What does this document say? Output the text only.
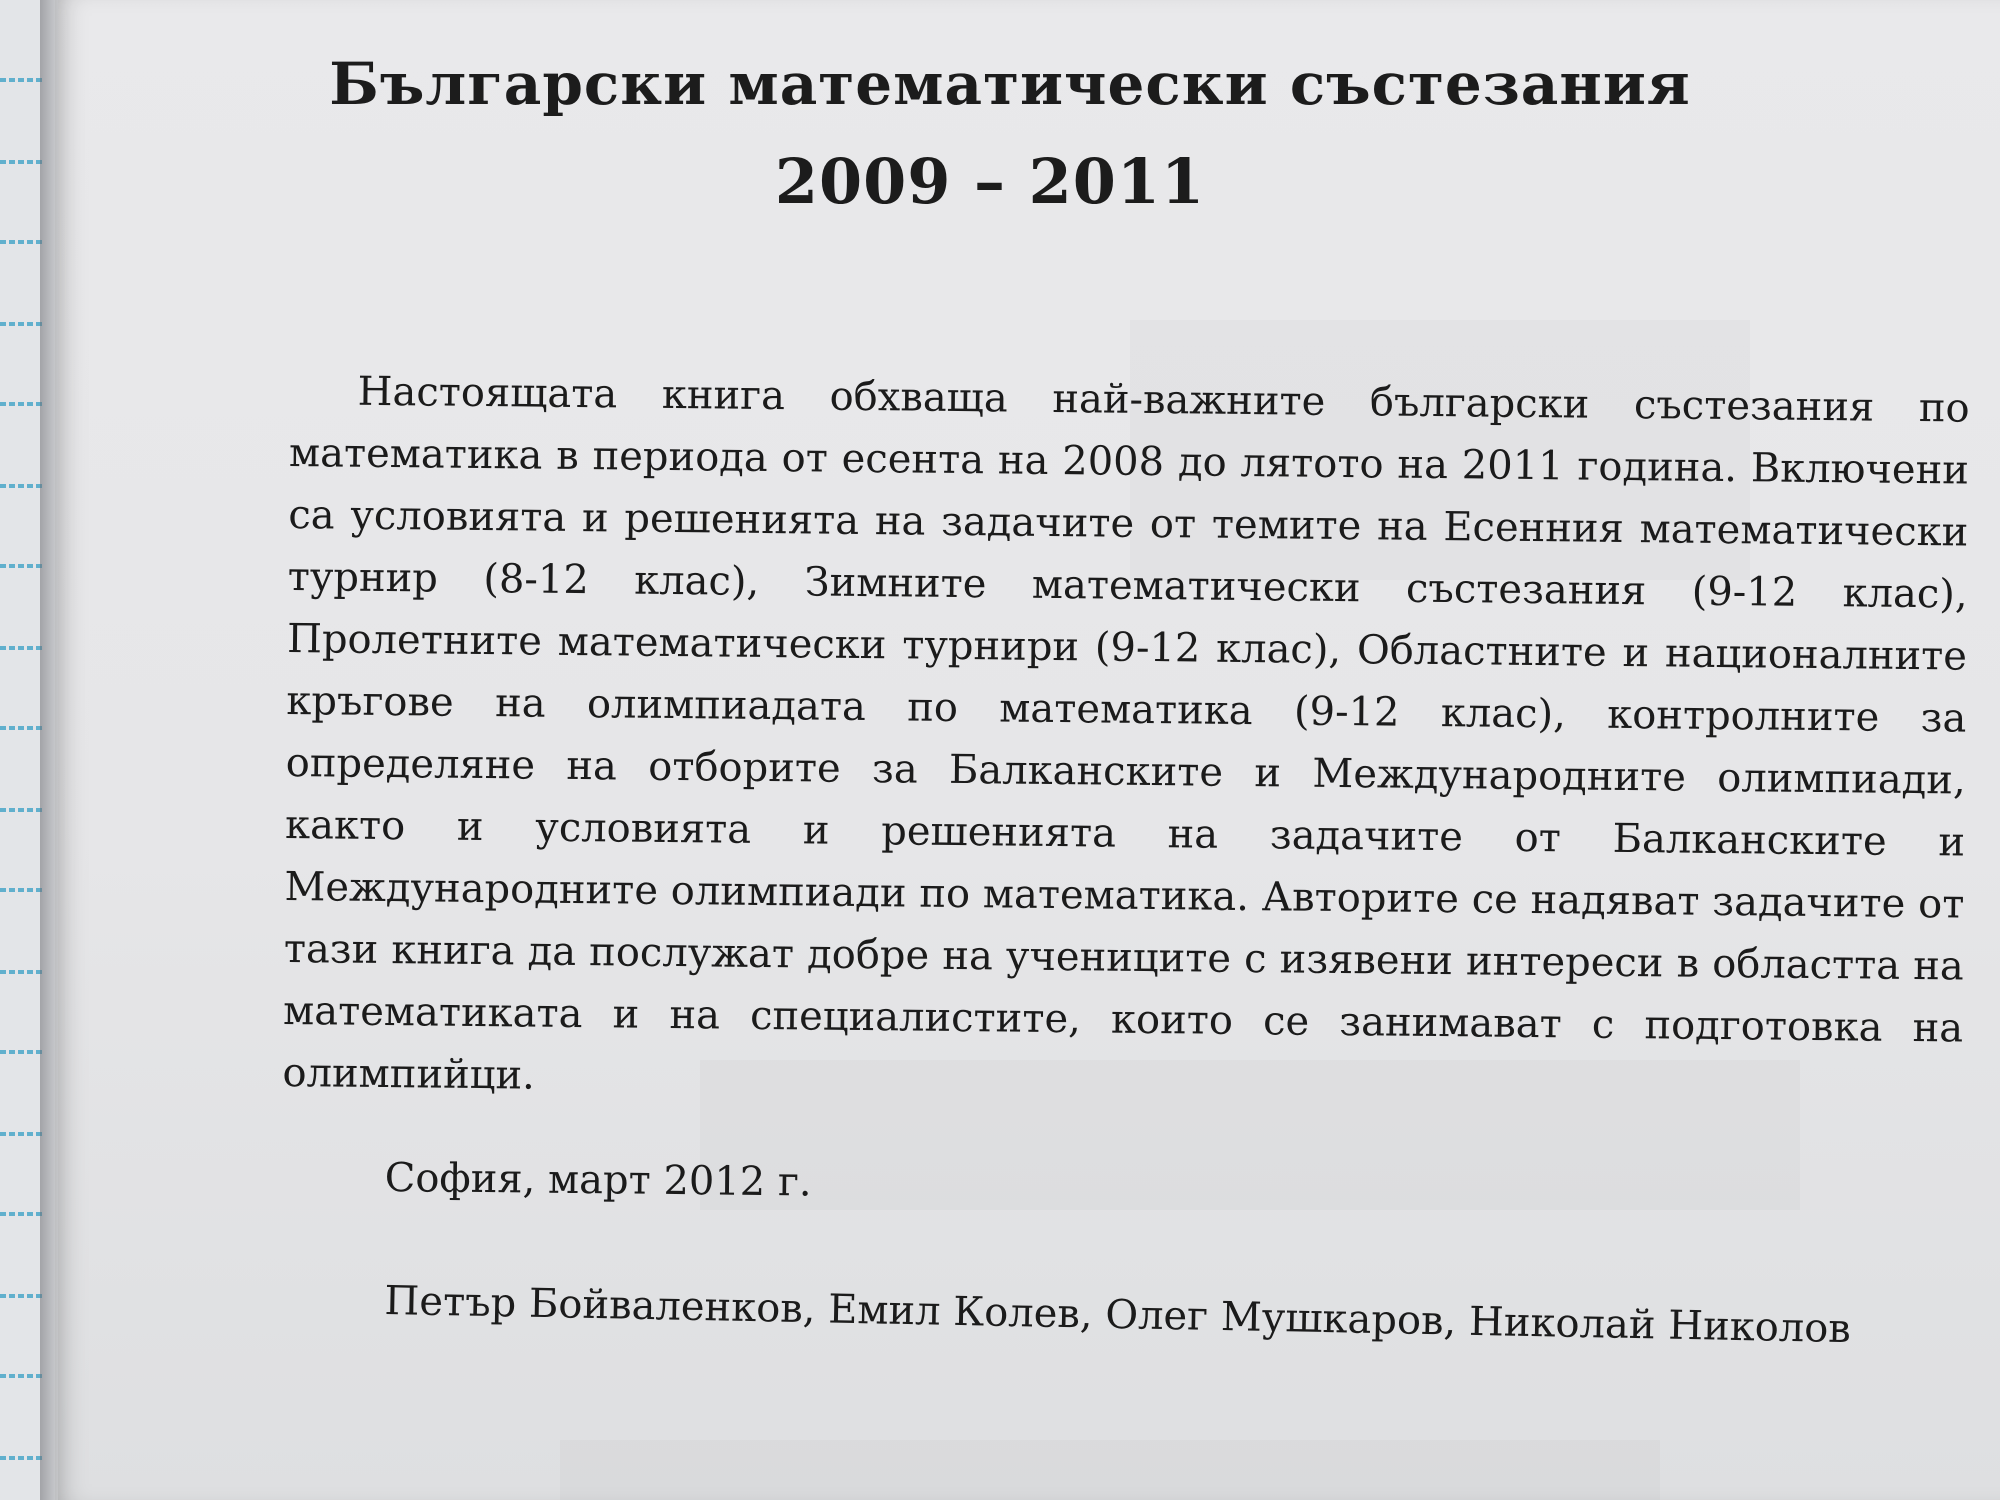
Български математически състезания
2009 – 2011

Настоящата книга обхваща най-важните български състезания по математика в периода от есента на 2008 до лятото на 2011 година. Включени са условията и решенията на задачите от темите на Есенния математически турнир (8-12 клас), Зимните математически състезания (9-12 клас), Пролетните математически турнири (9-12 клас), Областните и националните кръгове на олимпиадата по математика (9-12 клас), контролните за определяне на отборите за Балканските и Международните олимпиади, както и условията и решенията на задачите от Балканските и Международните олимпиади по математика. Авторите се надяват задачите от тази книга да послужат добре на учениците с изявени интереси в областта на математиката и на специалистите, които се занимават с подготовка на олимпийци.

София, март 2012 г.

Петър Бойваленков, Емил Колев, Олег Мушкаров, Николай Николов
